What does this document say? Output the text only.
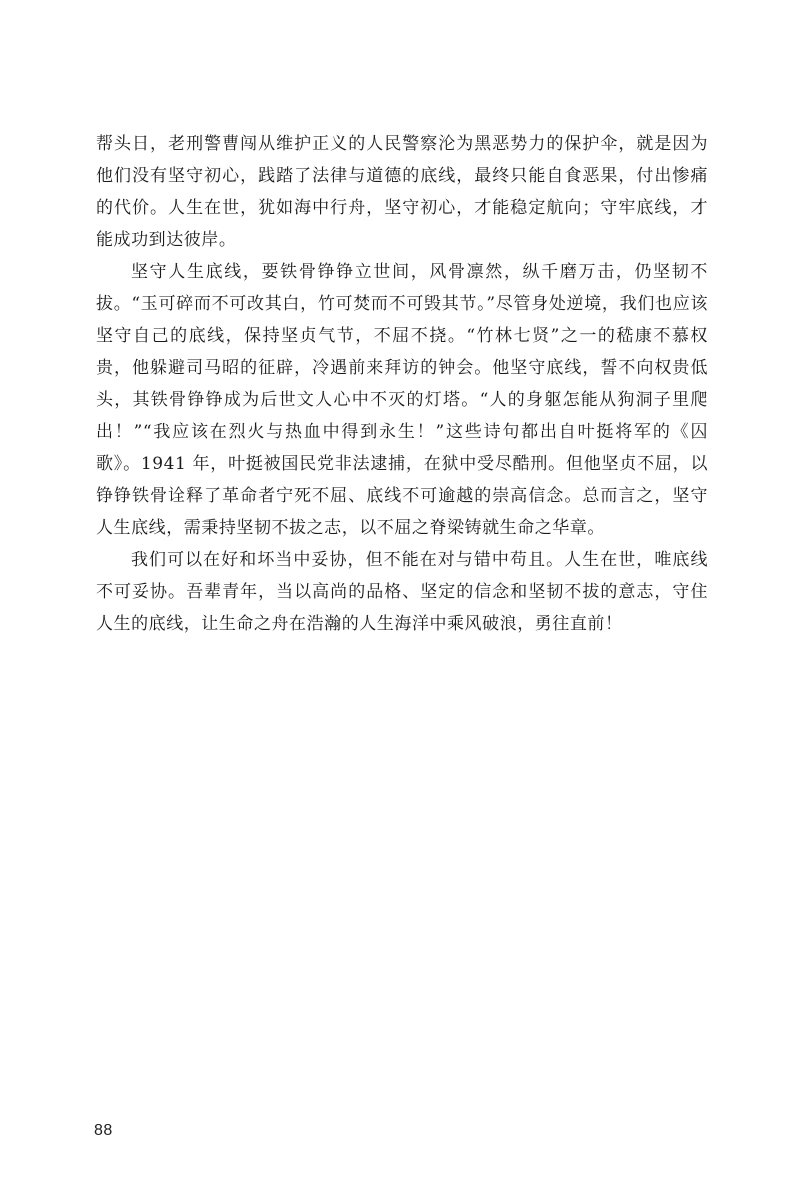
帮头日，老刑警曹闯从维护正义的人民警察沦为黑恶势力的保护伞，就是因为他们没有坚守初心，践踏了法律与道德的底线，最终只能自食恶果，付出惨痛的代价。人生在世，犹如海中行舟，坚守初心，才能稳定航向；守牢底线，才能成功到达彼岸。

坚守人生底线，要铁骨铮铮立世间，风骨凛然，纵千磨万击，仍坚韧不拔。“玉可碎而不可改其白，竹可焚而不可毁其节。”尽管身处逆境，我们也应该坚守自己的底线，保持坚贞气节，不屈不挠。“竹林七贤”之一的嵇康不慕权贵，他躲避司马昭的征辟，冷遇前来拜访的钟会。他坚守底线，誓不向权贵低头，其铁骨铮铮成为后世文人心中不灭的灯塔。“人的身躯怎能从狗洞子里爬出！”“我应该在烈火与热血中得到永生！”这些诗句都出自叶挺将军的《囚歌》。1941 年，叶挺被国民党非法逮捕，在狱中受尽酷刑。但他坚贞不屈，以铮铮铁骨诠释了革命者宁死不屈、底线不可逾越的崇高信念。总而言之，坚守人生底线，需秉持坚韧不拔之志，以不屈之脊梁铸就生命之华章。

我们可以在好和坏当中妥协，但不能在对与错中苟且。人生在世，唯底线不可妥协。吾辈青年，当以高尚的品格、坚定的信念和坚韧不拔的意志，守住人生的底线，让生命之舟在浩瀚的人生海洋中乘风破浪，勇往直前！

88
